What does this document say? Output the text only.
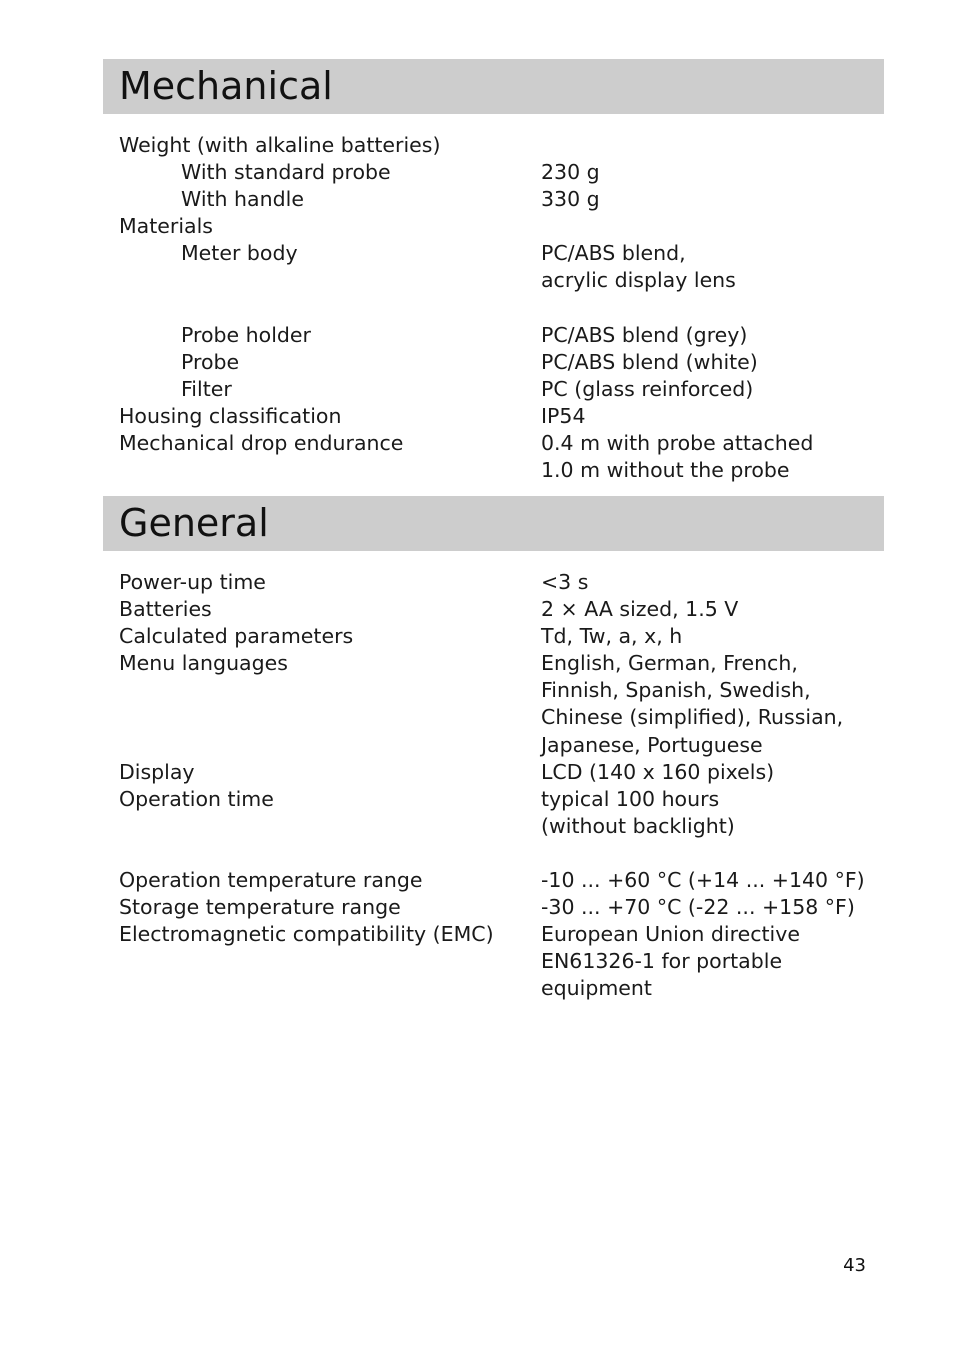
Mechanical
Weight (with alkaline batteries)
With standard probe	230 g
With handle	330 g
Materials
Meter body	PC/ABS blend,
acrylic display lens
Probe holder	PC/ABS blend (grey)
Probe	PC/ABS blend (white)
Filter	PC (glass reinforced)
Housing classification	IP54
Mechanical drop endurance	0.4 m with probe attached
1.0 m without the probe
General
Power-up time	<3 s
Batteries	2 × AA sized, 1.5 V
Calculated parameters	Td, Tw, a, x, h
Menu languages	English, German, French,
Finnish, Spanish, Swedish,
Chinese (simplified), Russian,
Japanese, Portuguese
Display	LCD (140 x 160 pixels)
Operation time	typical 100 hours
(without backlight)
Operation temperature range	-10 ... +60 °C (+14 ... +140 °F)
Storage temperature range	-30 ... +70 °C (-22 ... +158 °F)
Electromagnetic compatibility (EMC)	European Union directive
EN61326-1 for portable
equipment
43
